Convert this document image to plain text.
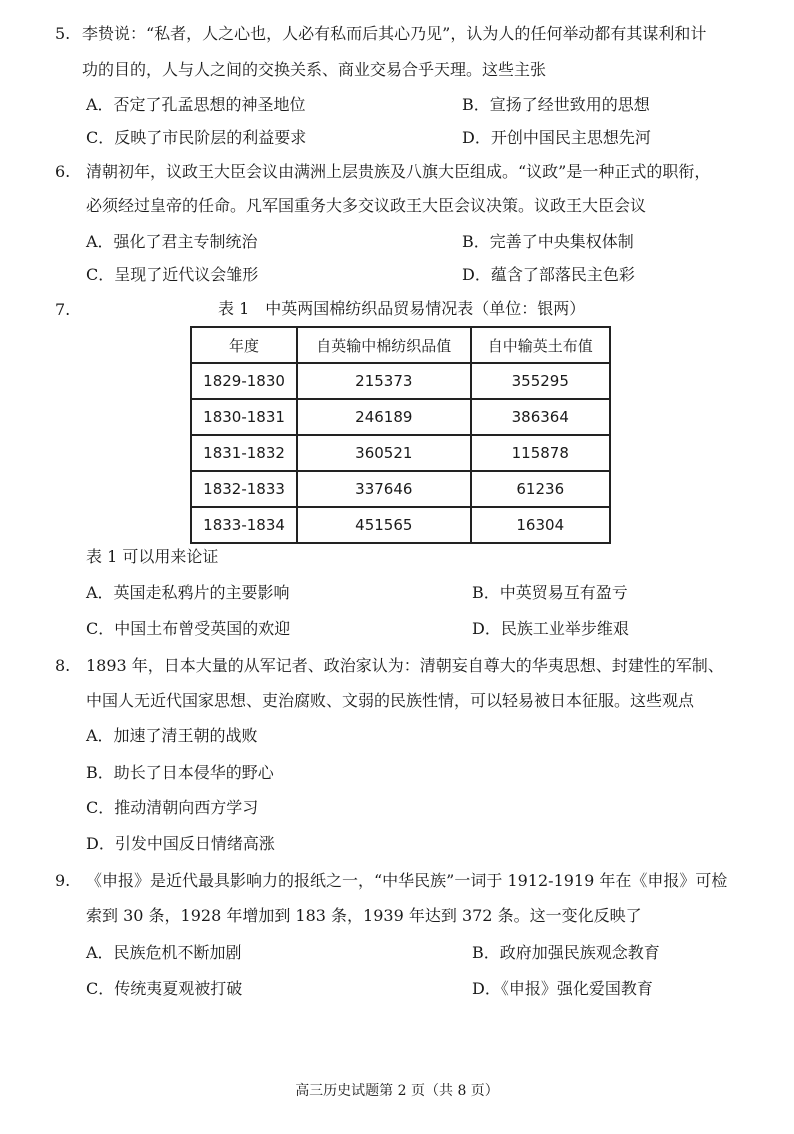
5. 李贽说：“私者，人之心也，人必有私而后其心乃见”，认为人的任何举动都有其谋利和计
功的目的，人与人之间的交换关系、商业交易合乎天理。这些主张
A．否定了孔孟思想的神圣地位	B．宣扬了经世致用的思想
C．反映了市民阶层的利益要求	D．开创中国民主思想先河
6. 清朝初年，议政王大臣会议由满洲上层贵族及八旗大臣组成。“议政”是一种正式的职衔，
必须经过皇帝的任命。凡军国重务大多交议政王大臣会议决策。议政王大臣会议
A．强化了君主专制统治	B．完善了中央集权体制
C．呈现了近代议会雏形	D．蕴含了部落民主色彩
7.	表 1　中英两国棉纺织品贸易情况表（单位：银两）
年度	自英输中棉纺织品值	自中输英土布值
1829-1830	215373	355295
1830-1831	246189	386364
1831-1832	360521	115878
1832-1833	337646	61236
1833-1834	451565	16304
表 1 可以用来论证
A．英国走私鸦片的主要影响	B．中英贸易互有盈亏
C．中国土布曾受英国的欢迎	D．民族工业举步维艰
8. 1893 年，日本大量的从军记者、政治家认为：清朝妄自尊大的华夷思想、封建性的军制、
中国人无近代国家思想、吏治腐败、文弱的民族性情，可以轻易被日本征服。这些观点
A．加速了清王朝的战败
B．助长了日本侵华的野心
C．推动清朝向西方学习
D．引发中国反日情绪高涨
9. 《申报》是近代最具影响力的报纸之一，“中华民族”一词于 1912-1919 年在《申报》可检
索到 30 条，1928 年增加到 183 条，1939 年达到 372 条。这一变化反映了
A．民族危机不断加剧	B．政府加强民族观念教育
C．传统夷夏观被打破	D．《申报》强化爱国教育
高三历史试题第 2 页（共 8 页）
